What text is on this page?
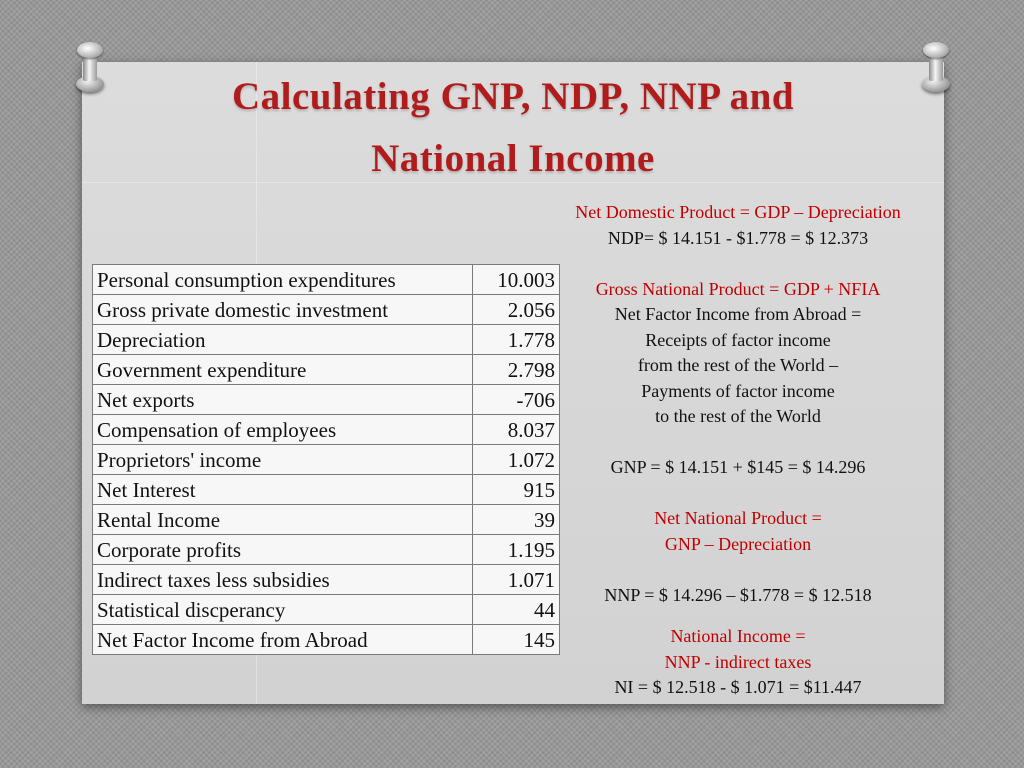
Calculating GNP, NDP, NNP and
National Income
Personal consumption expenditures	10.003
Gross private domestic investment	2.056
Depreciation	1.778
Government expenditure	2.798
Net exports	-706
Compensation of employees	8.037
Proprietors' income	1.072
Net Interest	915
Rental Income	39
Corporate profits	1.195
Indirect taxes less subsidies	1.071
Statistical discperancy	44
Net Factor Income from Abroad	145
Net Domestic Product = GDP – Depreciation
NDP= $ 14.151 - $1.778 = $ 12.373
Gross National Product = GDP + NFIA
Net Factor Income from Abroad =
Receipts of factor income
from the rest of the World –
Payments of factor income
to the rest of the World
GNP = $ 14.151 + $145 = $ 14.296
Net National Product =
GNP – Depreciation
NNP = $ 14.296 – $1.778 = $ 12.518
National Income =
NNP - indirect taxes
NI = $ 12.518 - $ 1.071 = $11.447
